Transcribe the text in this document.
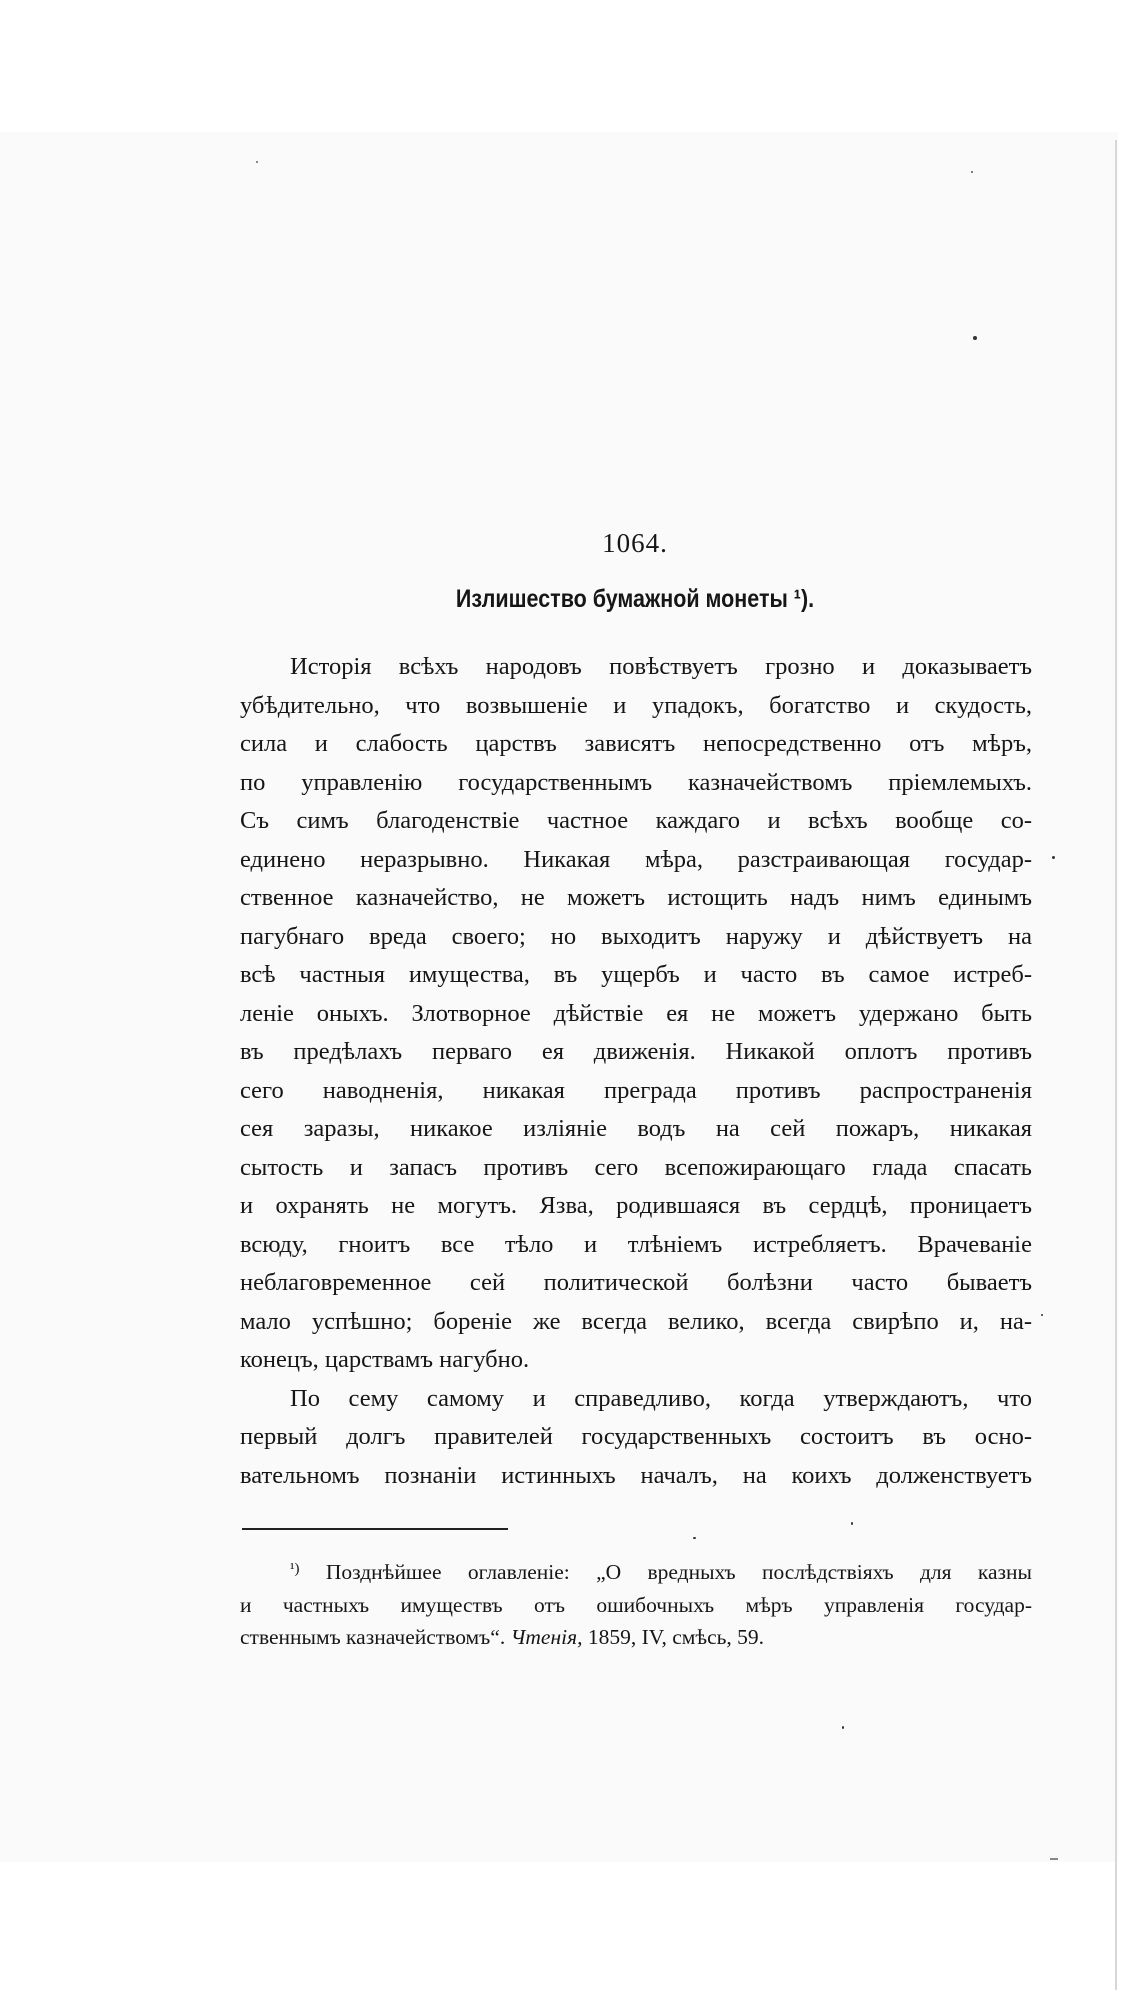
1064.
Излишество бумажной монеты ¹).
Исторія всѣхъ народовъ повѣствуетъ грозно и доказываетъ
убѣдительно, что возвышеніе и упадокъ, богатство и скудость,
сила и слабость царствъ зависятъ непосредственно отъ мѣръ,
по управленію государственнымъ казначействомъ пріемлемыхъ.
Съ симъ благоденствіе частное каждаго и всѣхъ вообще со-
единено неразрывно. Никакая мѣра, разстраивающая государ-
ственное казначейство, не можетъ истощить надъ нимъ единымъ
пагубнаго вреда своего; но выходитъ наружу и дѣйствуетъ на
всѣ частныя имущества, въ ущербъ и часто въ самое истреб-
леніе оныхъ. Злотворное дѣйствіе ея не можетъ удержано быть
въ предѣлахъ перваго ея движенія. Никакой оплотъ противъ
сего наводненія, никакая преграда противъ распространенія
сея заразы, никакое изліяніе водъ на сей пожаръ, никакая
сытость и запасъ противъ сего всепожирающаго глада спасать
и охранять не могутъ. Язва, родившаяся въ сердцѣ, проницаетъ
всюду, гноитъ все тѣло и тлѣніемъ истребляетъ. Врачеваніе
неблаговременное сей политической болѣзни часто бываетъ
мало успѣшно; бореніе же всегда велико, всегда свирѣпо и, на-
конецъ, царствамъ нагубно.
По сему самому и справедливо, когда утверждаютъ, что
первый долгъ правителей государственныхъ состоитъ въ осно-
вательномъ познаніи истинныхъ началъ, на коихъ долженствуетъ
$^{^1)}$ Позднѣйшее оглавленіе: „О вредныхъ послѣдствіяхъ для казны
и частныхъ имуществъ отъ ошибочныхъ мѣръ управленія государ-
ственнымъ казначействомъ“. Чтенія, 1859, IV, смѣсь, 59.
